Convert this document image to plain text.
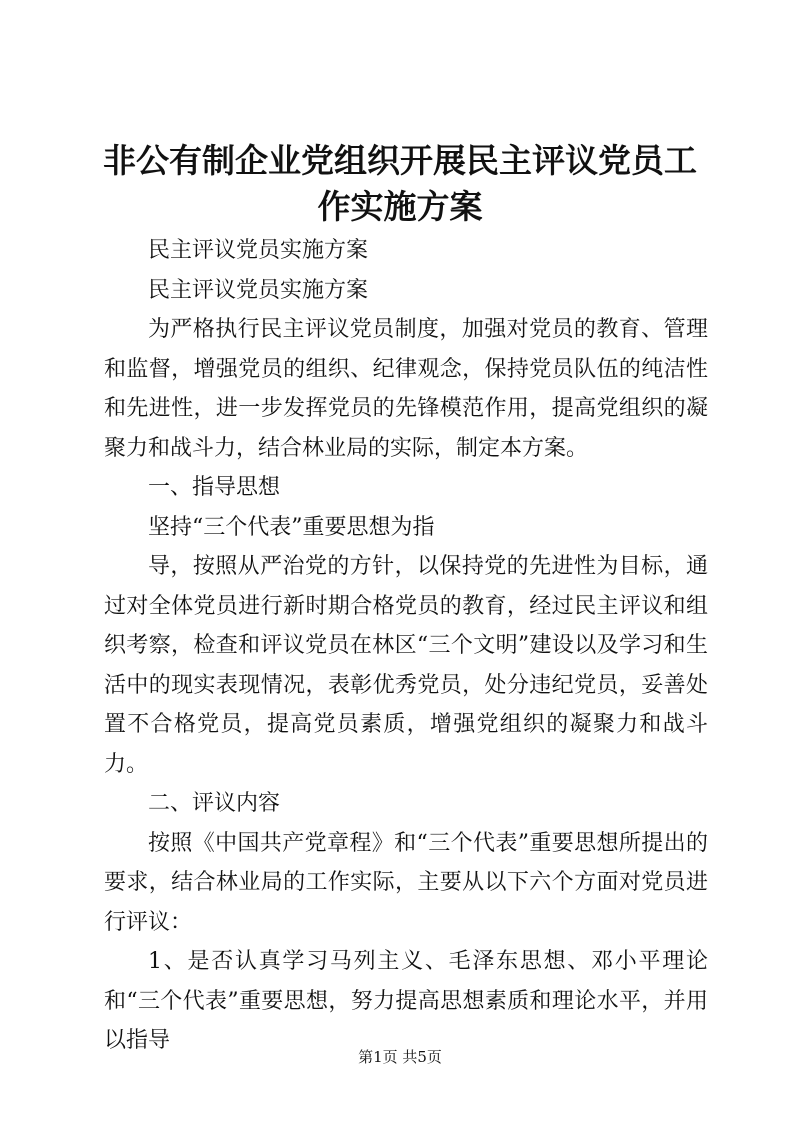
非公有制企业党组织开展民主评议党员工作实施方案

民主评议党员实施方案

民主评议党员实施方案

为严格执行民主评议党员制度，加强对党员的教育、管理和监督，增强党员的组织、纪律观念，保持党员队伍的纯洁性和先进性，进一步发挥党员的先锋模范作用，提高党组织的凝聚力和战斗力，结合林业局的实际，制定本方案。

一、指导思想

坚持“三个代表”重要思想为指

导，按照从严治党的方针，以保持党的先进性为目标，通过对全体党员进行新时期合格党员的教育，经过民主评议和组织考察，检查和评议党员在林区“三个文明”建设以及学习和生活中的现实表现情况，表彰优秀党员，处分违纪党员，妥善处置不合格党员，提高党员素质，增强党组织的凝聚力和战斗力。

二、评议内容

按照《中国共产党章程》和“三个代表”重要思想所提出的要求，结合林业局的工作实际，主要从以下六个方面对党员进行评议：

1、是否认真学习马列主义、毛泽东思想、邓小平理论和“三个代表”重要思想，努力提高思想素质和理论水平，并用以指导

第1页 共5页
